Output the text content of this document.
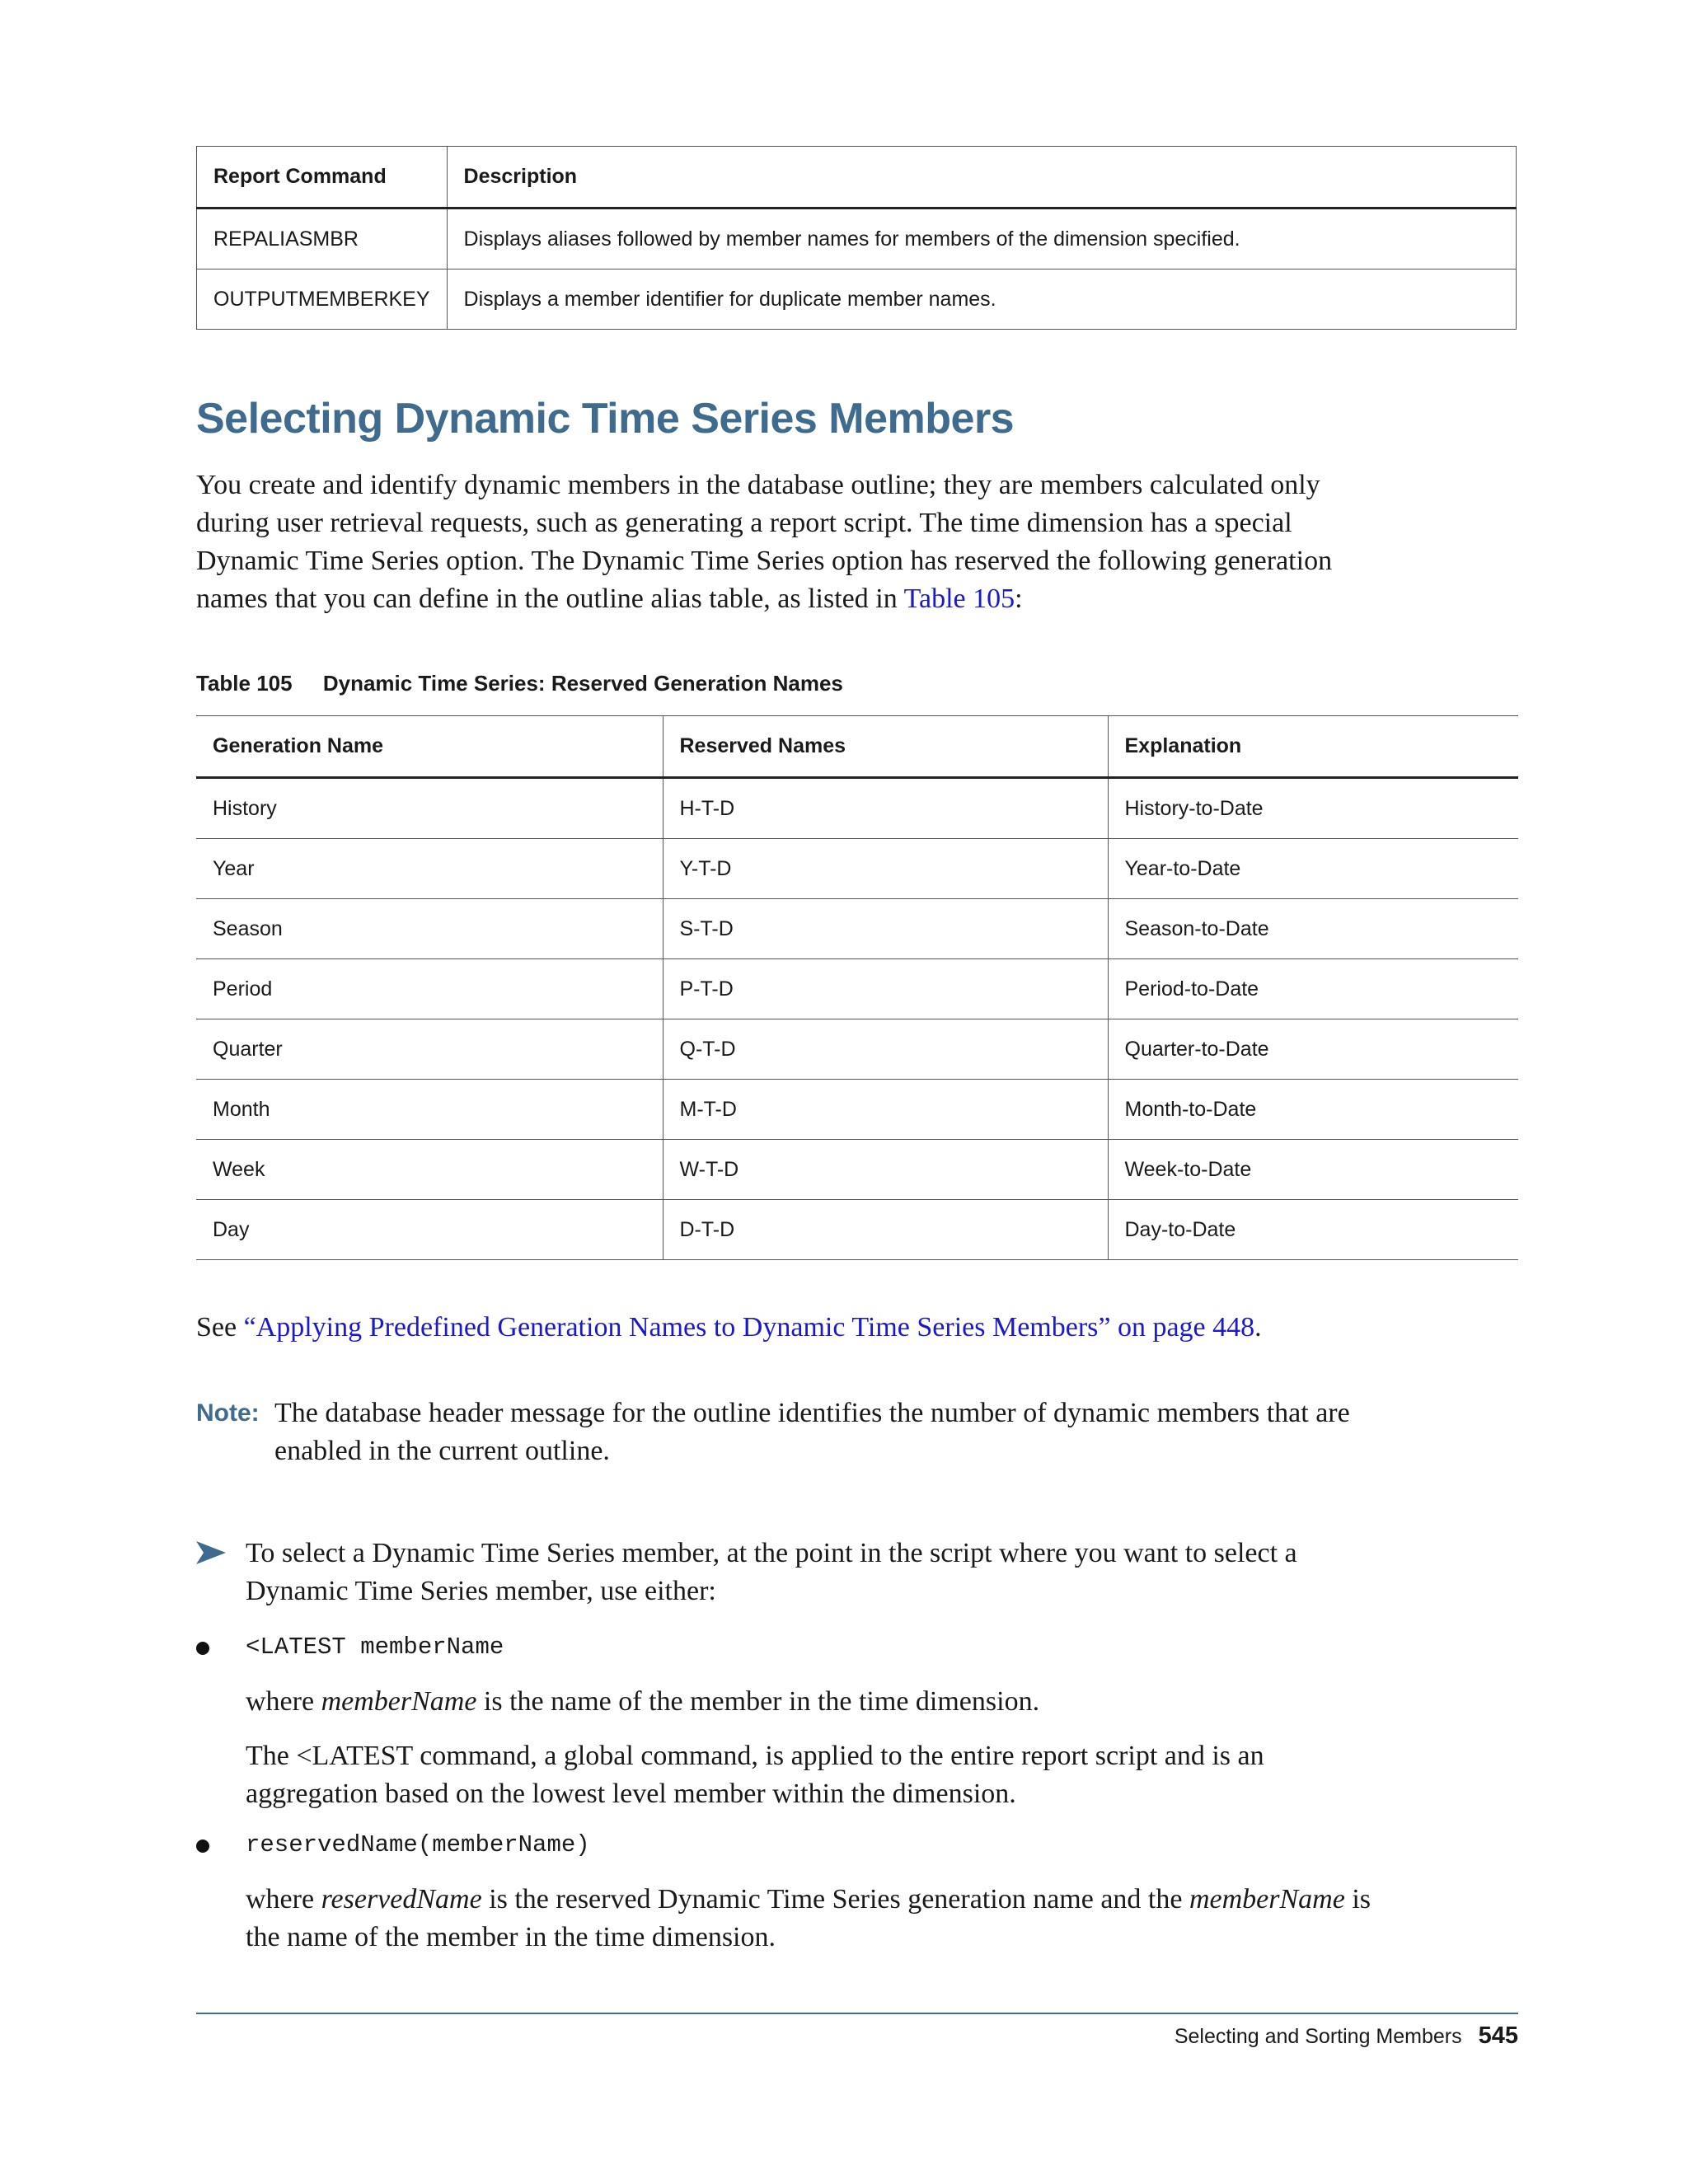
Report Command	Description
REPALIASMBR	Displays aliases followed by member names for members of the dimension specified.
OUTPUTMEMBERKEY	Displays a member identifier for duplicate member names.
Selecting Dynamic Time Series Members

You create and identify dynamic members in the database outline; they are members calculated only during user retrieval requests, such as generating a report script. The time dimension has a special Dynamic Time Series option. The Dynamic Time Series option has reserved the following generation names that you can define in the outline alias table, as listed in Table 105:

Table 105 Dynamic Time Series: Reserved Generation Names
Generation Name	Reserved Names	Explanation
History	H-T-D	History-to-Date
Year	Y-T-D	Year-to-Date
Season	S-T-D	Season-to-Date
Period	P-T-D	Period-to-Date
Quarter	Q-T-D	Quarter-to-Date
Month	M-T-D	Month-to-Date
Week	W-T-D	Week-to-Date
Day	D-T-D	Day-to-Date

See “Applying Predefined Generation Names to Dynamic Time Series Members” on page 448.

Note: The database header message for the outline identifies the number of dynamic members that are enabled in the current outline.
To select a Dynamic Time Series member, at the point in the script where you want to select a Dynamic Time Series member, use either:
<LATEST memberName

where memberName is the name of the member in the time dimension.

The <LATEST command, a global command, is applied to the entire report script and is an aggregation based on the lowest level member within the dimension.

reservedName(memberName)

where reservedName is the reserved Dynamic Time Series generation name and the memberName is the name of the member in the time dimension.

Selecting and Sorting Members 545
